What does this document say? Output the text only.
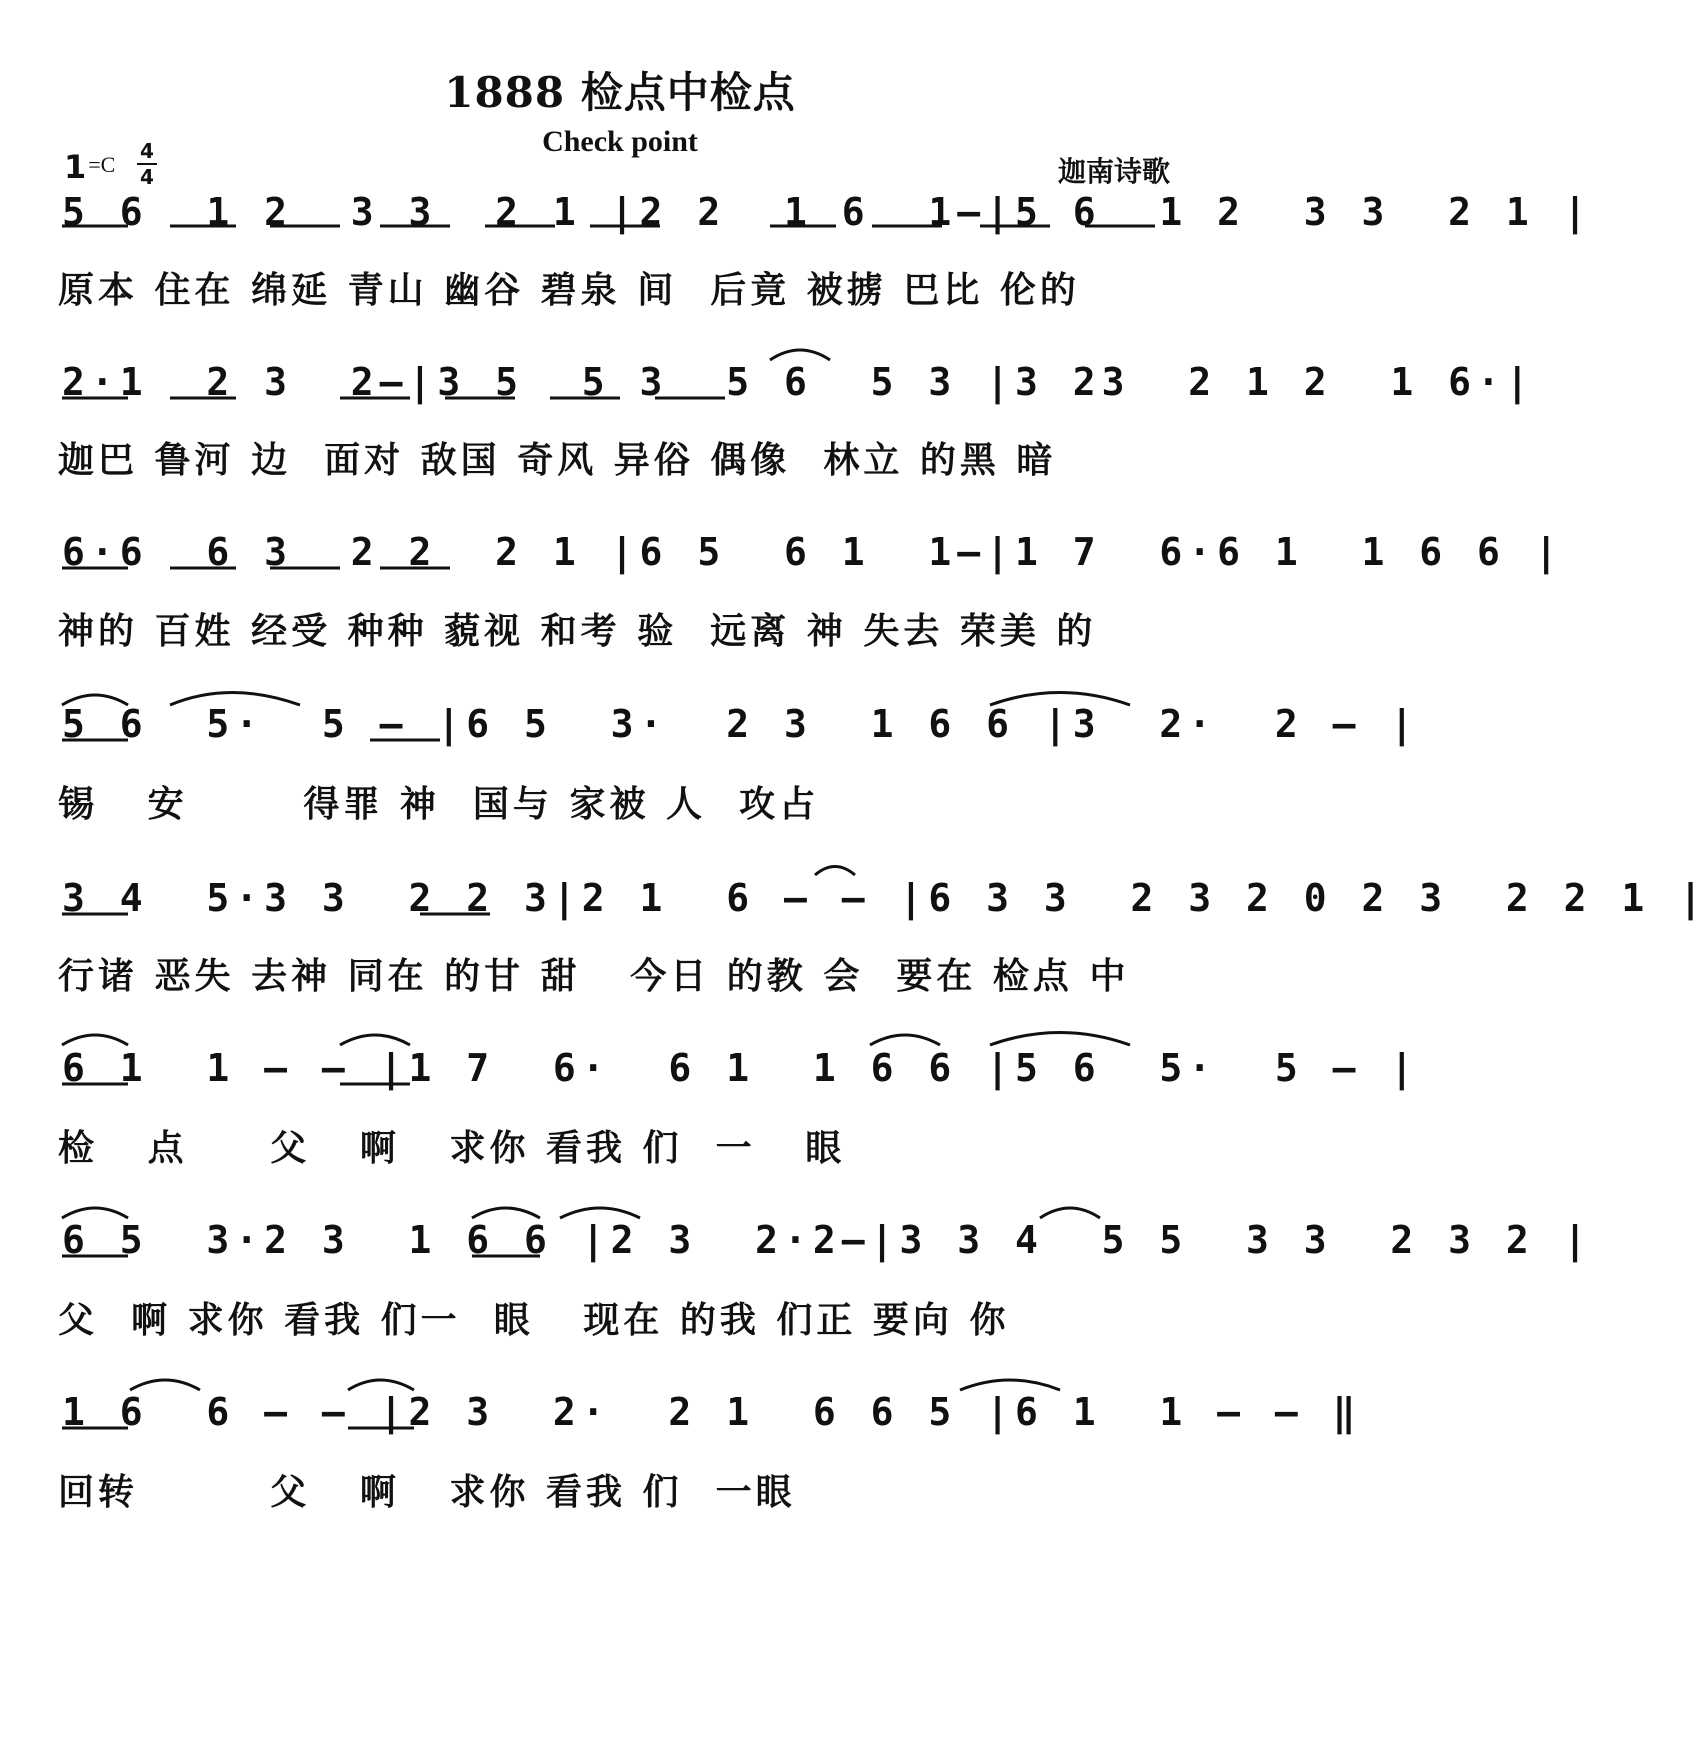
1888 检点中检点
Check point
1=C
4
4	迦南诗歌
5 6  1 2  3 3  2 1 |2 2  1 6  1–|5 6  1 2  3 3  2 1 |
原本 住在 绵延 青山 幽谷 碧泉 间  后竟 被掳 巴比 伦的
2·1  2 3  2–|3 5  5 3  5 6  5 3 |3 23  2 1 2  1 6·|
迦巴 鲁河 边  面对 敌国 奇风 异俗 偶像  林立 的黑 暗
6·6  6 3  2 2  2 1 |6 5  6 1  1–|1 7  6·6 1  1 6 6 |
神的 百姓 经受 种种 藐视 和考 验  远离 神 失去 荣美 的
5 6  5·  5 – |6 5  3·  2 3  1 6 6 |3  2·  2 – |
锡   安       得罪 神  国与 家被 人  攻占
3 4  5·3 3  2 2 3|2 1  6 – – |6 3 3  2 3 2 0 2 3  2 2 1 |
行诸 恶失 去神 同在 的甘 甜   今日 的教 会  要在 检点 中
6 1  1 – – |1 7  6·  6 1  1 6 6 |5 6  5·  5 – |
检   点     父   啊   求你 看我 们  一   眼
6 5  3·2 3  1 6 6 |2 3  2·2–|3 3 4  5 5  3 3  2 3 2 |
父  啊 求你 看我 们一  眼   现在 的我 们正 要向 你
1 6  6 – – |2 3  2·  2 1  6 6 5 |6 1  1 – – ‖
回转        父   啊   求你 看我 们  一眼
